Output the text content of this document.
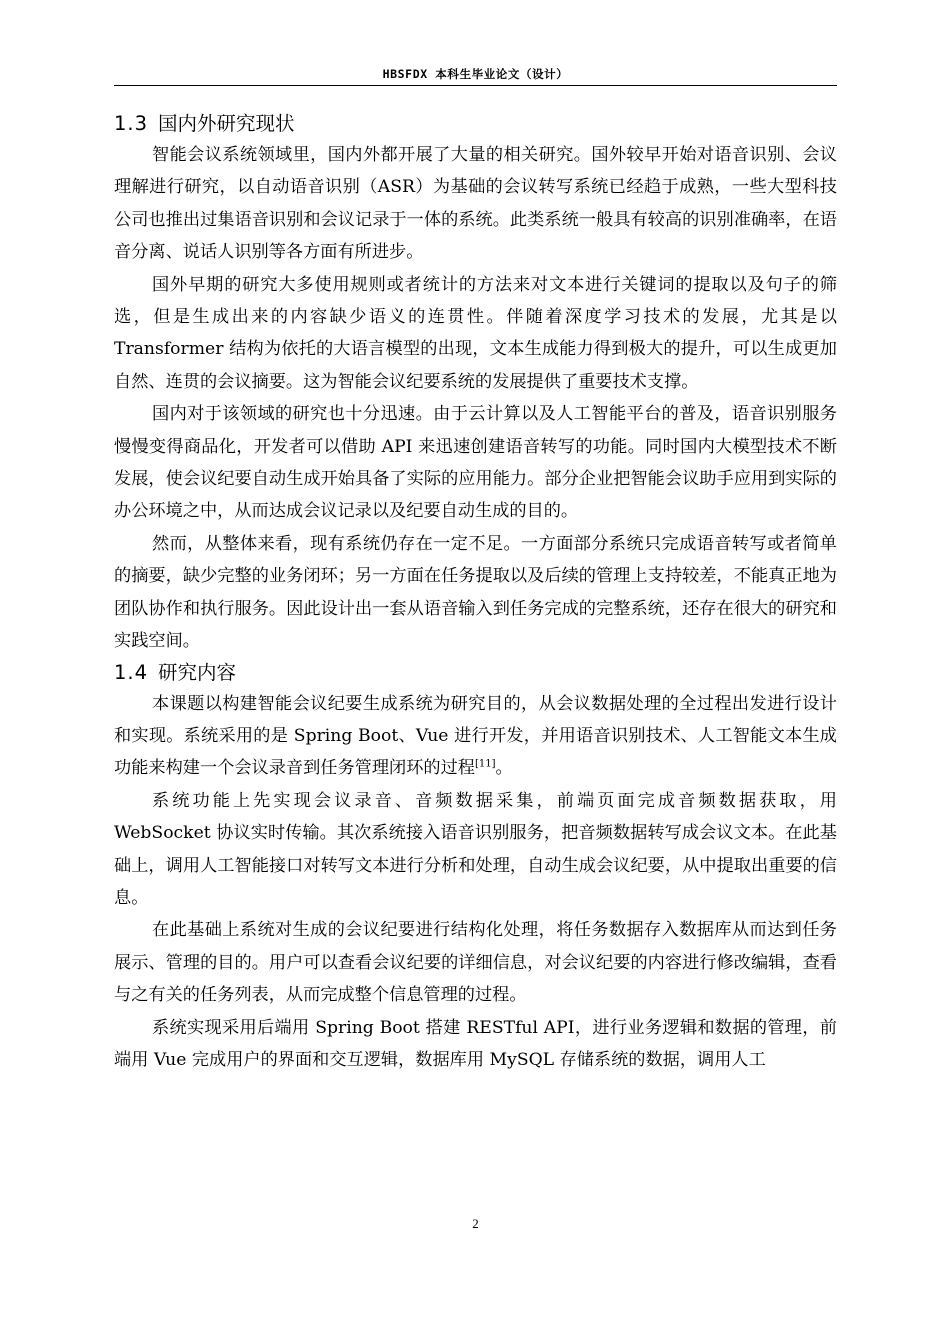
HBSFDX 本科生毕业论文（设计）
1.3 国内外研究现状

智能会议系统领域里，国内外都开展了大量的相关研究。国外较早开始对语音识别、会议理解进行研究，以自动语音识别（ASR）为基础的会议转写系统已经趋于成熟，一些大型科技公司也推出过集语音识别和会议记录于一体的系统。此类系统一般具有较高的识别准确率，在语音分离、说话人识别等各方面有所进步。

国外早期的研究大多使用规则或者统计的方法来对文本进行关键词的提取以及句子的筛选，但是生成出来的内容缺少语义的连贯性。伴随着深度学习技术的发展，尤其是以 Transformer 结构为依托的大语言模型的出现，文本生成能力得到极大的提升，可以生成更加自然、连贯的会议摘要。这为智能会议纪要系统的发展提供了重要技术支撑。

国内对于该领域的研究也十分迅速。由于云计算以及人工智能平台的普及，语音识别服务慢慢变得商品化，开发者可以借助 API 来迅速创建语音转写的功能。同时国内大模型技术不断发展，使会议纪要自动生成开始具备了实际的应用能力。部分企业把智能会议助手应用到实际的办公环境之中，从而达成会议记录以及纪要自动生成的目的。

然而，从整体来看，现有系统仍存在一定不足。一方面部分系统只完成语音转写或者简单的摘要，缺少完整的业务闭环；另一方面在任务提取以及后续的管理上支持较差，不能真正地为团队协作和执行服务。因此设计出一套从语音输入到任务完成的完整系统，还存在很大的研究和实践空间。

1.4 研究内容

本课题以构建智能会议纪要生成系统为研究目的，从会议数据处理的全过程出发进行设计和实现。系统采用的是 Spring Boot、Vue 进行开发，并用语音识别技术、人工智能文本生成功能来构建一个会议录音到任务管理闭环的过程[11]。

系统功能上先实现会议录音、音频数据采集，前端页面完成音频数据获取，用 WebSocket 协议实时传输。其次系统接入语音识别服务，把音频数据转写成会议文本。在此基础上，调用人工智能接口对转写文本进行分析和处理，自动生成会议纪要，从中提取出重要的信息。

在此基础上系统对生成的会议纪要进行结构化处理，将任务数据存入数据库从而达到任务展示、管理的目的。用户可以查看会议纪要的详细信息，对会议纪要的内容进行修改编辑，查看与之有关的任务列表，从而完成整个信息管理的过程。

系统实现采用后端用 Spring Boot 搭建 RESTful API，进行业务逻辑和数据的管理，前端用 Vue 完成用户的界面和交互逻辑，数据库用 MySQL 存储系统的数据，调用人工

2
